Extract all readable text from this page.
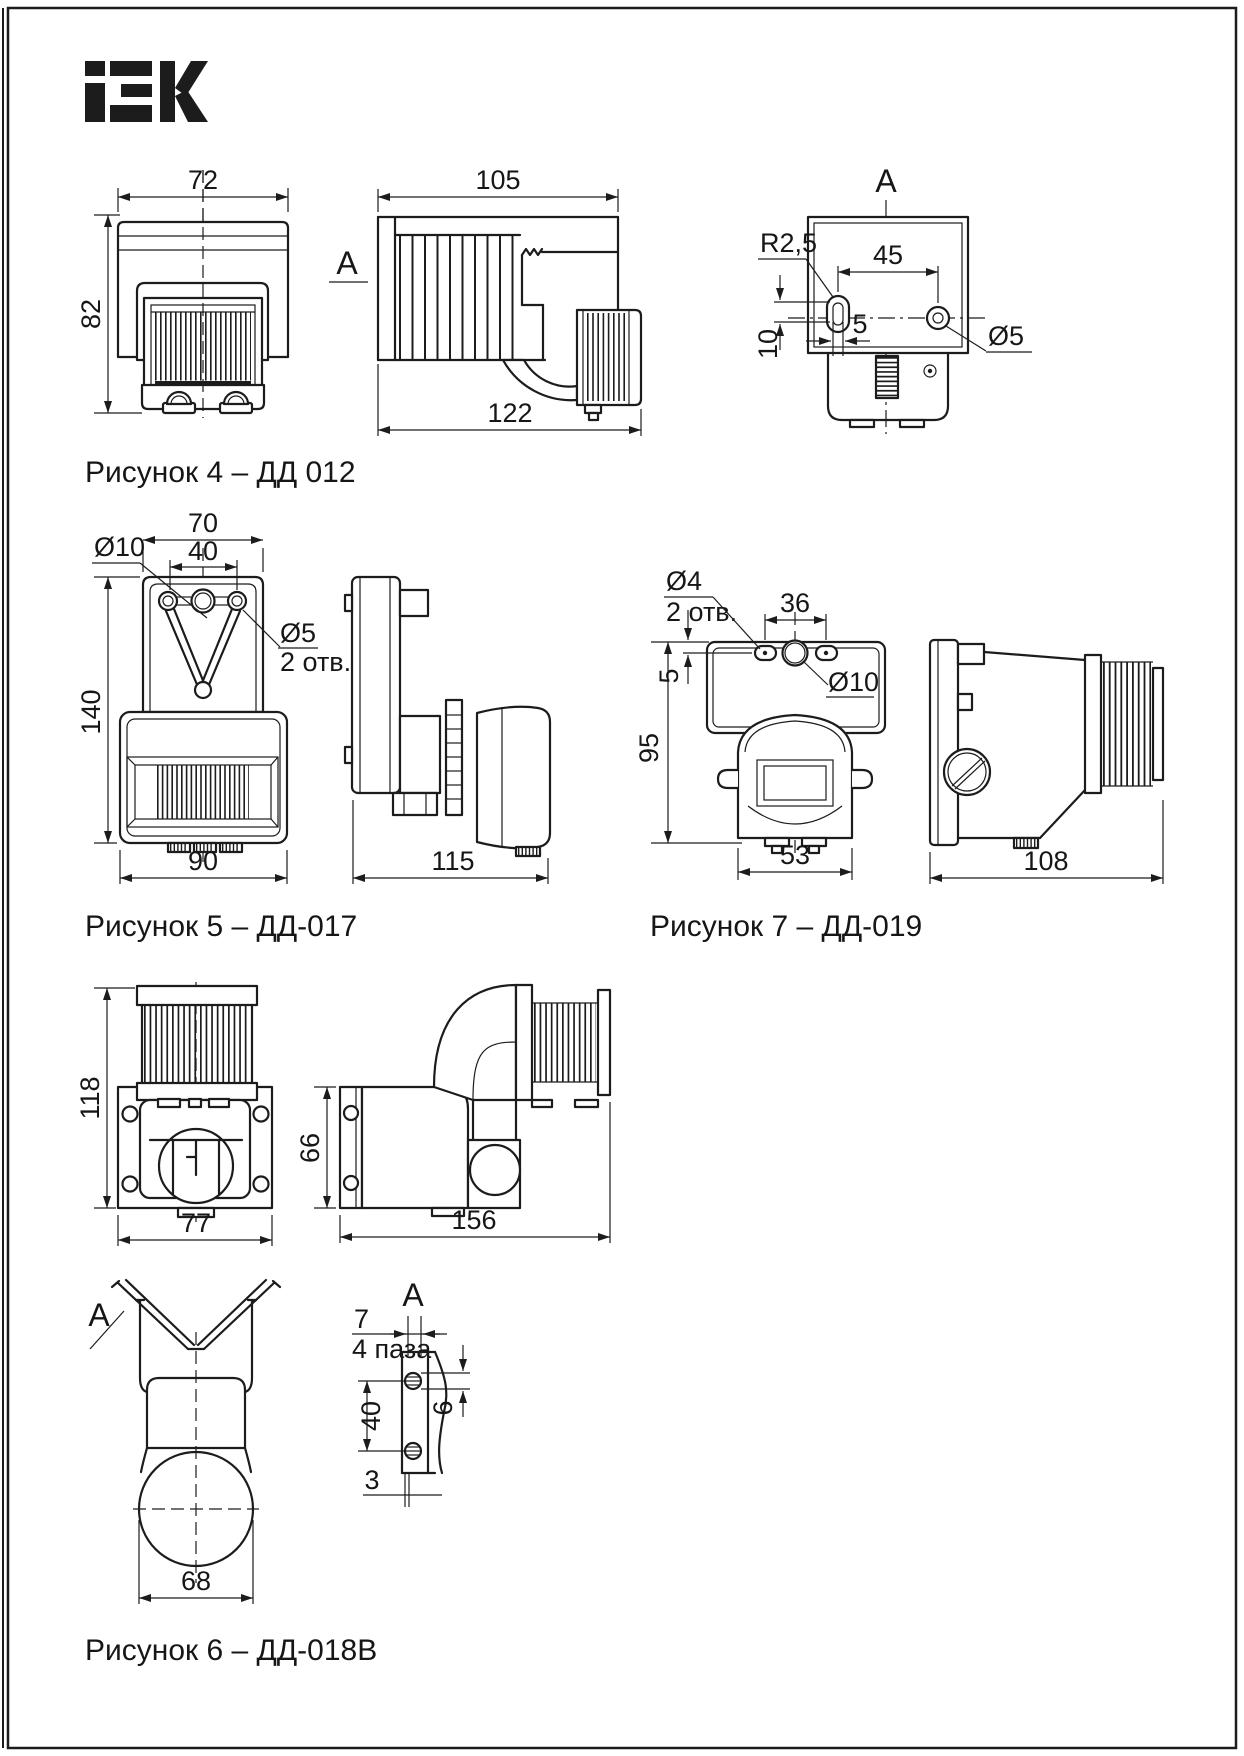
72
82
A
105
122
A
R2,5 45
5
10	Ø5
Рисунок 4 – ДД 012
70
40
Ø10
Ø5
2 отв.
140
90	115
Рисунок 5 – ДД-017
Ø4
2 отв. 36
Ø10
5
95
53	108
Рисунок 7 – ДД-019
118
77
66
156
A
68
A
7
4 паза
40 6
3
Рисунок 6 – ДД-018В
